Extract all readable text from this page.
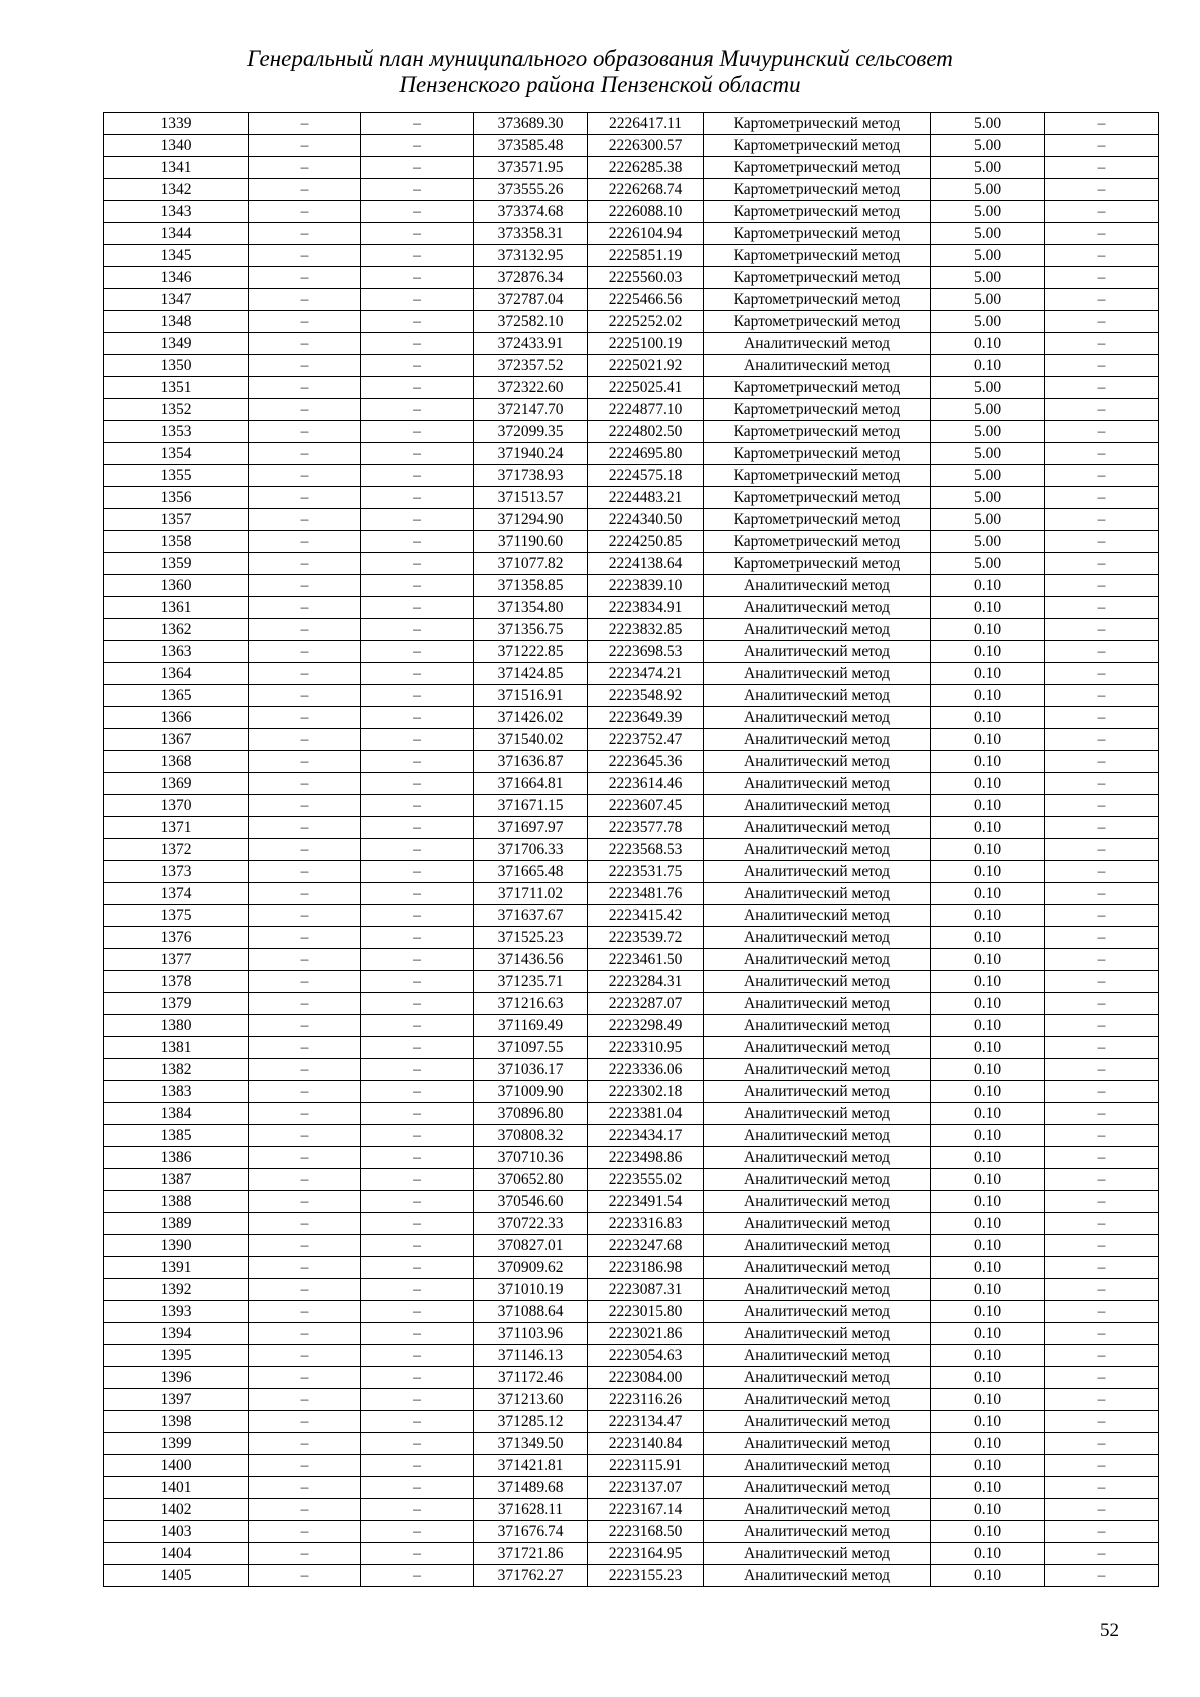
Генеральный план муниципального образования Мичуринский сельсовет
Пензенского района Пензенской области
1339	–	–	373689.30	2226417.11	Картометрический метод	5.00	–
1340	–	–	373585.48	2226300.57	Картометрический метод	5.00	–
1341	–	–	373571.95	2226285.38	Картометрический метод	5.00	–
1342	–	–	373555.26	2226268.74	Картометрический метод	5.00	–
1343	–	–	373374.68	2226088.10	Картометрический метод	5.00	–
1344	–	–	373358.31	2226104.94	Картометрический метод	5.00	–
1345	–	–	373132.95	2225851.19	Картометрический метод	5.00	–
1346	–	–	372876.34	2225560.03	Картометрический метод	5.00	–
1347	–	–	372787.04	2225466.56	Картометрический метод	5.00	–
1348	–	–	372582.10	2225252.02	Картометрический метод	5.00	–
1349	–	–	372433.91	2225100.19	Аналитический метод	0.10	–
1350	–	–	372357.52	2225021.92	Аналитический метод	0.10	–
1351	–	–	372322.60	2225025.41	Картометрический метод	5.00	–
1352	–	–	372147.70	2224877.10	Картометрический метод	5.00	–
1353	–	–	372099.35	2224802.50	Картометрический метод	5.00	–
1354	–	–	371940.24	2224695.80	Картометрический метод	5.00	–
1355	–	–	371738.93	2224575.18	Картометрический метод	5.00	–
1356	–	–	371513.57	2224483.21	Картометрический метод	5.00	–
1357	–	–	371294.90	2224340.50	Картометрический метод	5.00	–
1358	–	–	371190.60	2224250.85	Картометрический метод	5.00	–
1359	–	–	371077.82	2224138.64	Картометрический метод	5.00	–
1360	–	–	371358.85	2223839.10	Аналитический метод	0.10	–
1361	–	–	371354.80	2223834.91	Аналитический метод	0.10	–
1362	–	–	371356.75	2223832.85	Аналитический метод	0.10	–
1363	–	–	371222.85	2223698.53	Аналитический метод	0.10	–
1364	–	–	371424.85	2223474.21	Аналитический метод	0.10	–
1365	–	–	371516.91	2223548.92	Аналитический метод	0.10	–
1366	–	–	371426.02	2223649.39	Аналитический метод	0.10	–
1367	–	–	371540.02	2223752.47	Аналитический метод	0.10	–
1368	–	–	371636.87	2223645.36	Аналитический метод	0.10	–
1369	–	–	371664.81	2223614.46	Аналитический метод	0.10	–
1370	–	–	371671.15	2223607.45	Аналитический метод	0.10	–
1371	–	–	371697.97	2223577.78	Аналитический метод	0.10	–
1372	–	–	371706.33	2223568.53	Аналитический метод	0.10	–
1373	–	–	371665.48	2223531.75	Аналитический метод	0.10	–
1374	–	–	371711.02	2223481.76	Аналитический метод	0.10	–
1375	–	–	371637.67	2223415.42	Аналитический метод	0.10	–
1376	–	–	371525.23	2223539.72	Аналитический метод	0.10	–
1377	–	–	371436.56	2223461.50	Аналитический метод	0.10	–
1378	–	–	371235.71	2223284.31	Аналитический метод	0.10	–
1379	–	–	371216.63	2223287.07	Аналитический метод	0.10	–
1380	–	–	371169.49	2223298.49	Аналитический метод	0.10	–
1381	–	–	371097.55	2223310.95	Аналитический метод	0.10	–
1382	–	–	371036.17	2223336.06	Аналитический метод	0.10	–
1383	–	–	371009.90	2223302.18	Аналитический метод	0.10	–
1384	–	–	370896.80	2223381.04	Аналитический метод	0.10	–
1385	–	–	370808.32	2223434.17	Аналитический метод	0.10	–
1386	–	–	370710.36	2223498.86	Аналитический метод	0.10	–
1387	–	–	370652.80	2223555.02	Аналитический метод	0.10	–
1388	–	–	370546.60	2223491.54	Аналитический метод	0.10	–
1389	–	–	370722.33	2223316.83	Аналитический метод	0.10	–
1390	–	–	370827.01	2223247.68	Аналитический метод	0.10	–
1391	–	–	370909.62	2223186.98	Аналитический метод	0.10	–
1392	–	–	371010.19	2223087.31	Аналитический метод	0.10	–
1393	–	–	371088.64	2223015.80	Аналитический метод	0.10	–
1394	–	–	371103.96	2223021.86	Аналитический метод	0.10	–
1395	–	–	371146.13	2223054.63	Аналитический метод	0.10	–
1396	–	–	371172.46	2223084.00	Аналитический метод	0.10	–
1397	–	–	371213.60	2223116.26	Аналитический метод	0.10	–
1398	–	–	371285.12	2223134.47	Аналитический метод	0.10	–
1399	–	–	371349.50	2223140.84	Аналитический метод	0.10	–
1400	–	–	371421.81	2223115.91	Аналитический метод	0.10	–
1401	–	–	371489.68	2223137.07	Аналитический метод	0.10	–
1402	–	–	371628.11	2223167.14	Аналитический метод	0.10	–
1403	–	–	371676.74	2223168.50	Аналитический метод	0.10	–
1404	–	–	371721.86	2223164.95	Аналитический метод	0.10	–
1405	–	–	371762.27	2223155.23	Аналитический метод	0.10	–
52
